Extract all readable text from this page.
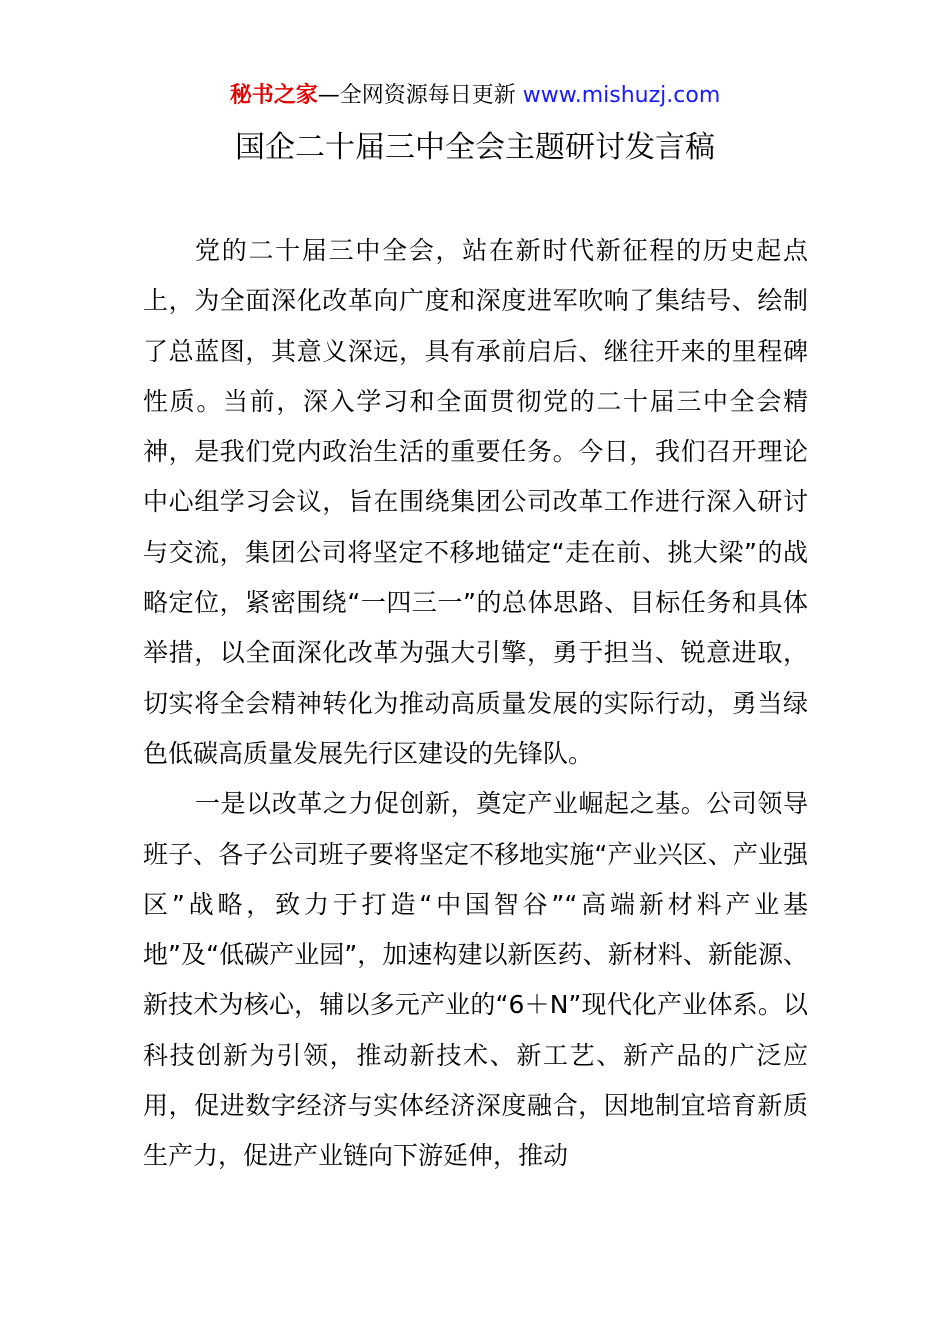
秘书之家—全网资源每日更新 www.mishuzj.com
国企二十届三中全会主题研讨发言稿

党的二十届三中全会，站在新时代新征程的历史起点上，为全面深化改革向广度和深度进军吹响了集结号、绘制了总蓝图，其意义深远，具有承前启后、继往开来的里程碑性质。当前，深入学习和全面贯彻党的二十届三中全会精神，是我们党内政治生活的重要任务。今日，我们召开理论中心组学习会议，旨在围绕集团公司改革工作进行深入研讨与交流，集团公司将坚定不移地锚定“走在前、挑大梁”的战略定位，紧密围绕“一四三一”的总体思路、目标任务和具体举措，以全面深化改革为强大引擎，勇于担当、锐意进取，切实将全会精神转化为推动高质量发展的实际行动，勇当绿色低碳高质量发展先行区建设的先锋队。

一是以改革之力促创新，奠定产业崛起之基。公司领导班子、各子公司班子要将坚定不移地实施“产业兴区、产业强区”战略，致力于打造“中国智谷”“高端新材料产业基地”及“低碳产业园”，加速构建以新医药、新材料、新能源、新技术为核心，辅以多元产业的“6＋N”现代化产业体系。以科技创新为引领，推动新技术、新工艺、新产品的广泛应用，促进数字经济与实体经济深度融合，因地制宜培育新质生产力，促进产业链向下游延伸，推动
